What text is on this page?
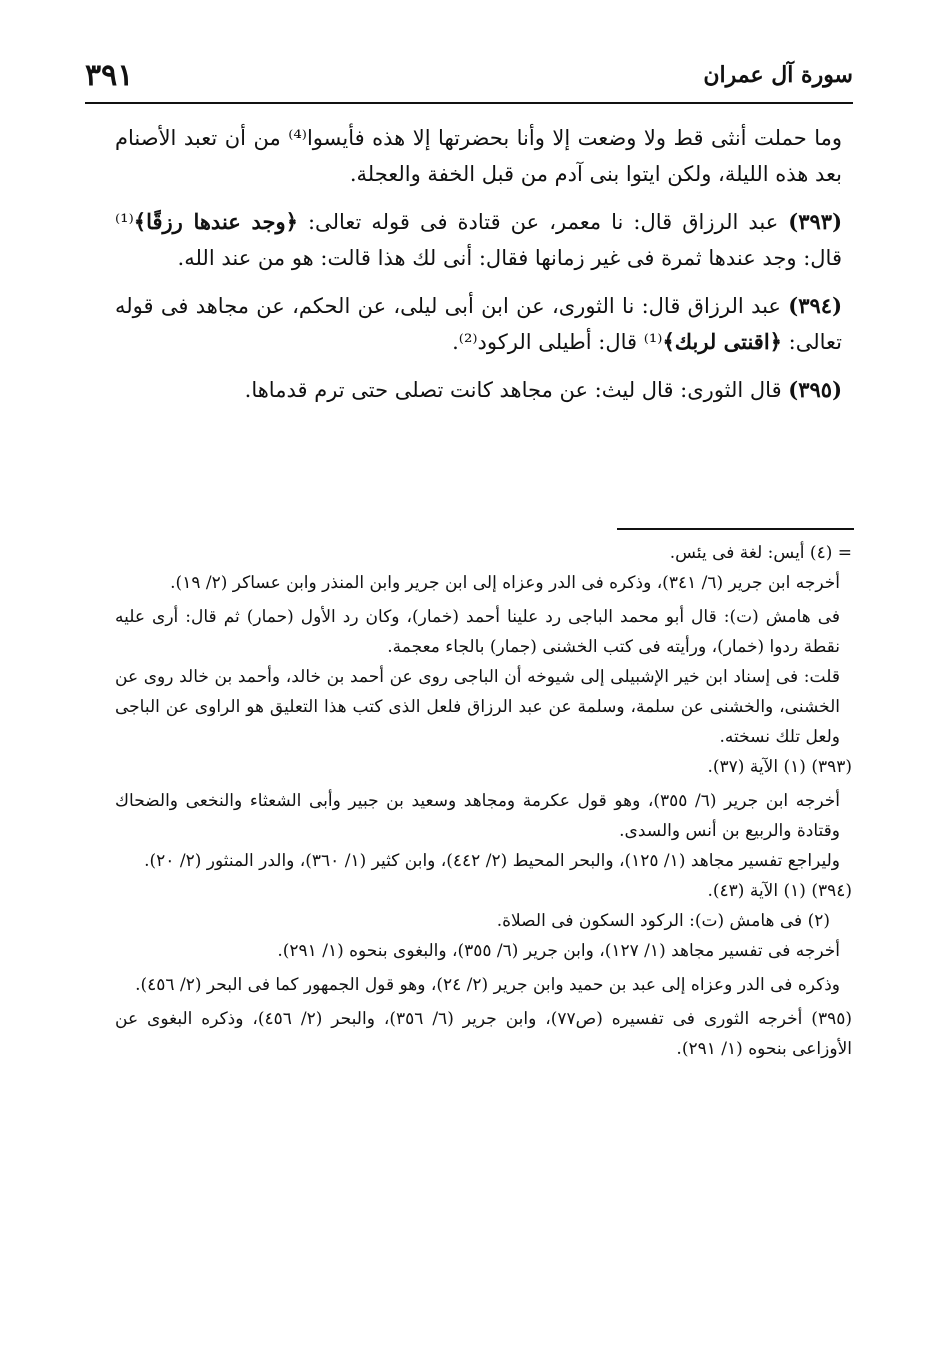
سورة آل عمران
٣٩١

وما حملت أنثى قط ولا وضعت إلا وأنا بحضرتها إلا هذه فأيسوا⁽⁴⁾ من أن تعبد الأصنام بعد هذه الليلة، ولكن ايتوا بنى آدم من قبل الخفة والعجلة.

(٣٩٣) عبد الرزاق قال: نا معمر، عن قتادة فى قوله تعالى: ﴿وجد عندها رزقًا﴾⁽¹⁾ قال: وجد عندها ثمرة فى غير زمانها فقال: أنى لك هذا قالت: هو من عند الله.

(٣٩٤) عبد الرزاق قال: نا الثورى، عن ابن أبى ليلى، عن الحكم، عن مجاهد فى قوله تعالى: ﴿اقنتى لربك﴾⁽¹⁾ قال: أطيلى الركود⁽²⁾.

(٣٩٥) قال الثورى: قال ليث: عن مجاهد كانت تصلى حتى ترم قدماها.

= (٤) أيس: لغة فى يئس.

أخرجه ابن جرير (٦/ ٣٤١)، وذكره فى الدر وعزاه إلى ابن جرير وابن المنذر وابن عساكر (٢/ ١٩).

فى هامش (ت): قال أبو محمد الباجى رد علينا أحمد (خمار)، وكان رد الأول (حمار) ثم قال: أرى عليه نقطة ردوا (خمار)، ورأيته فى كتب الخشنى (جمار) بالجاء معجمة.

قلت: فى إسناد ابن خير الإشبيلى إلى شيوخه أن الباجى روى عن أحمد بن خالد، وأحمد بن خالد روى عن الخشنى، والخشنى عن سلمة، وسلمة عن عبد الرزاق فلعل الذى كتب هذا التعليق هو الراوى عن الباجى ولعل تلك نسخته.

(٣٩٣) (١) الآية (٣٧).

أخرجه ابن جرير (٦/ ٣٥٥)، وهو قول عكرمة ومجاهد وسعيد بن جبير وأبى الشعثاء والنخعى والضحاك وقتادة والربيع بن أنس والسدى.

وليراجع تفسير مجاهد (١/ ١٢٥)، والبحر المحيط (٢/ ٤٤٢)، وابن كثير (١/ ٣٦٠)، والدر المنثور (٢/ ٢٠).

(٣٩٤) (١) الآية (٤٣).

(٢) فى هامش (ت): الركود السكون فى الصلاة.

أخرجه فى تفسير مجاهد (١/ ١٢٧)، وابن جرير (٦/ ٣٥٥)، والبغوى بنحوه (١/ ٢٩١).

وذكره فى الدر وعزاه إلى عبد بن حميد وابن جرير (٢/ ٢٤)، وهو قول الجمهور كما فى البحر (٢/ ٤٥٦).

(٣٩٥) أخرجه الثورى فى تفسيره (ص٧٧)، وابن جرير (٦/ ٣٥٦)، والبحر (٢/ ٤٥٦)، وذكره البغوى عن الأوزاعى بنحوه (١/ ٢٩١).
